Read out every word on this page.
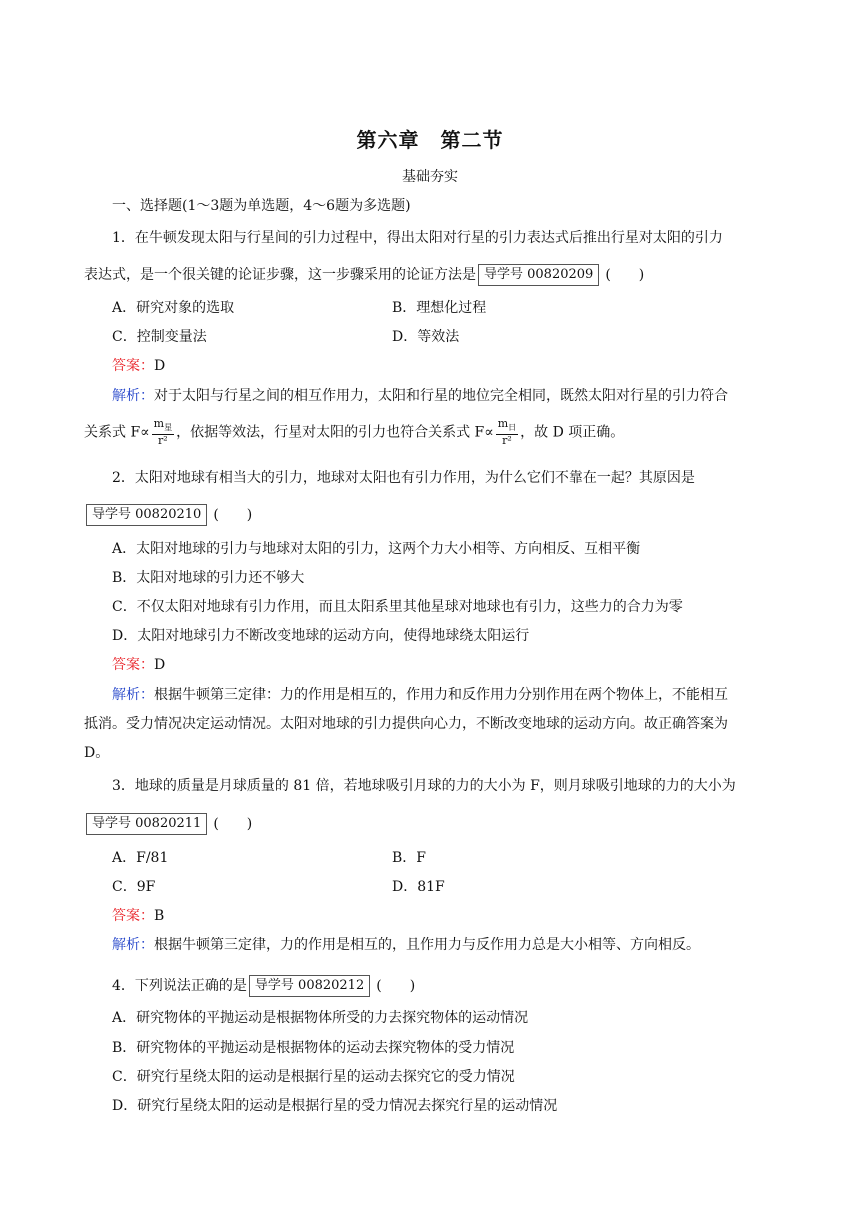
第六章　第二节
基础夯实
一、选择题(1～3题为单选题，4～6题为多选题)
1．在牛顿发现太阳与行星间的引力过程中，得出太阳对行星的引力表达式后推出行星对太阳的引力
表达式，是一个很关键的论证步骤，这一步骤采用的论证方法是 导学号 00820209 (　　)
A．研究对象的选取	B．理想化过程
C．控制变量法	D．等效法
答案：D
解析：对于太阳与行星之间的相互作用力，太阳和行星的地位完全相同，既然太阳对行星的引力符合
关系式 $F\propto \frac{m_星}{\text{r²}}$ ，依据等效法，行星对太阳的引力也符合关系式 $F\propto \frac{m_日}{\text{r²}}$ ，故 D 项正确。
2．太阳对地球有相当大的引力，地球对太阳也有引力作用，为什么它们不靠在一起？其原因是
导学号 00820210 (　　)
A．太阳对地球的引力与地球对太阳的引力，这两个力大小相等、方向相反、互相平衡
B．太阳对地球的引力还不够大
C．不仅太阳对地球有引力作用，而且太阳系里其他星球对地球也有引力，这些力的合力为零
D．太阳对地球引力不断改变地球的运动方向，使得地球绕太阳运行
答案：D
解析：根据牛顿第三定律：力的作用是相互的，作用力和反作用力分别作用在两个物体上，不能相互
抵消。受力情况决定运动情况。太阳对地球的引力提供向心力，不断改变地球的运动方向。故正确答案为
D。
3．地球的质量是月球质量的 81 倍，若地球吸引月球的力的大小为 F，则月球吸引地球的力的大小为
导学号 00820211 (　　)
A．F/81	B．F
C．9F	D．81F
答案：B
解析：根据牛顿第三定律，力的作用是相互的，且作用力与反作用力总是大小相等、方向相反。
4．下列说法正确的是 导学号 00820212 (　　)
A．研究物体的平抛运动是根据物体所受的力去探究物体的运动情况
B．研究物体的平抛运动是根据物体的运动去探究物体的受力情况
C．研究行星绕太阳的运动是根据行星的运动去探究它的受力情况
D．研究行星绕太阳的运动是根据行星的受力情况去探究行星的运动情况
